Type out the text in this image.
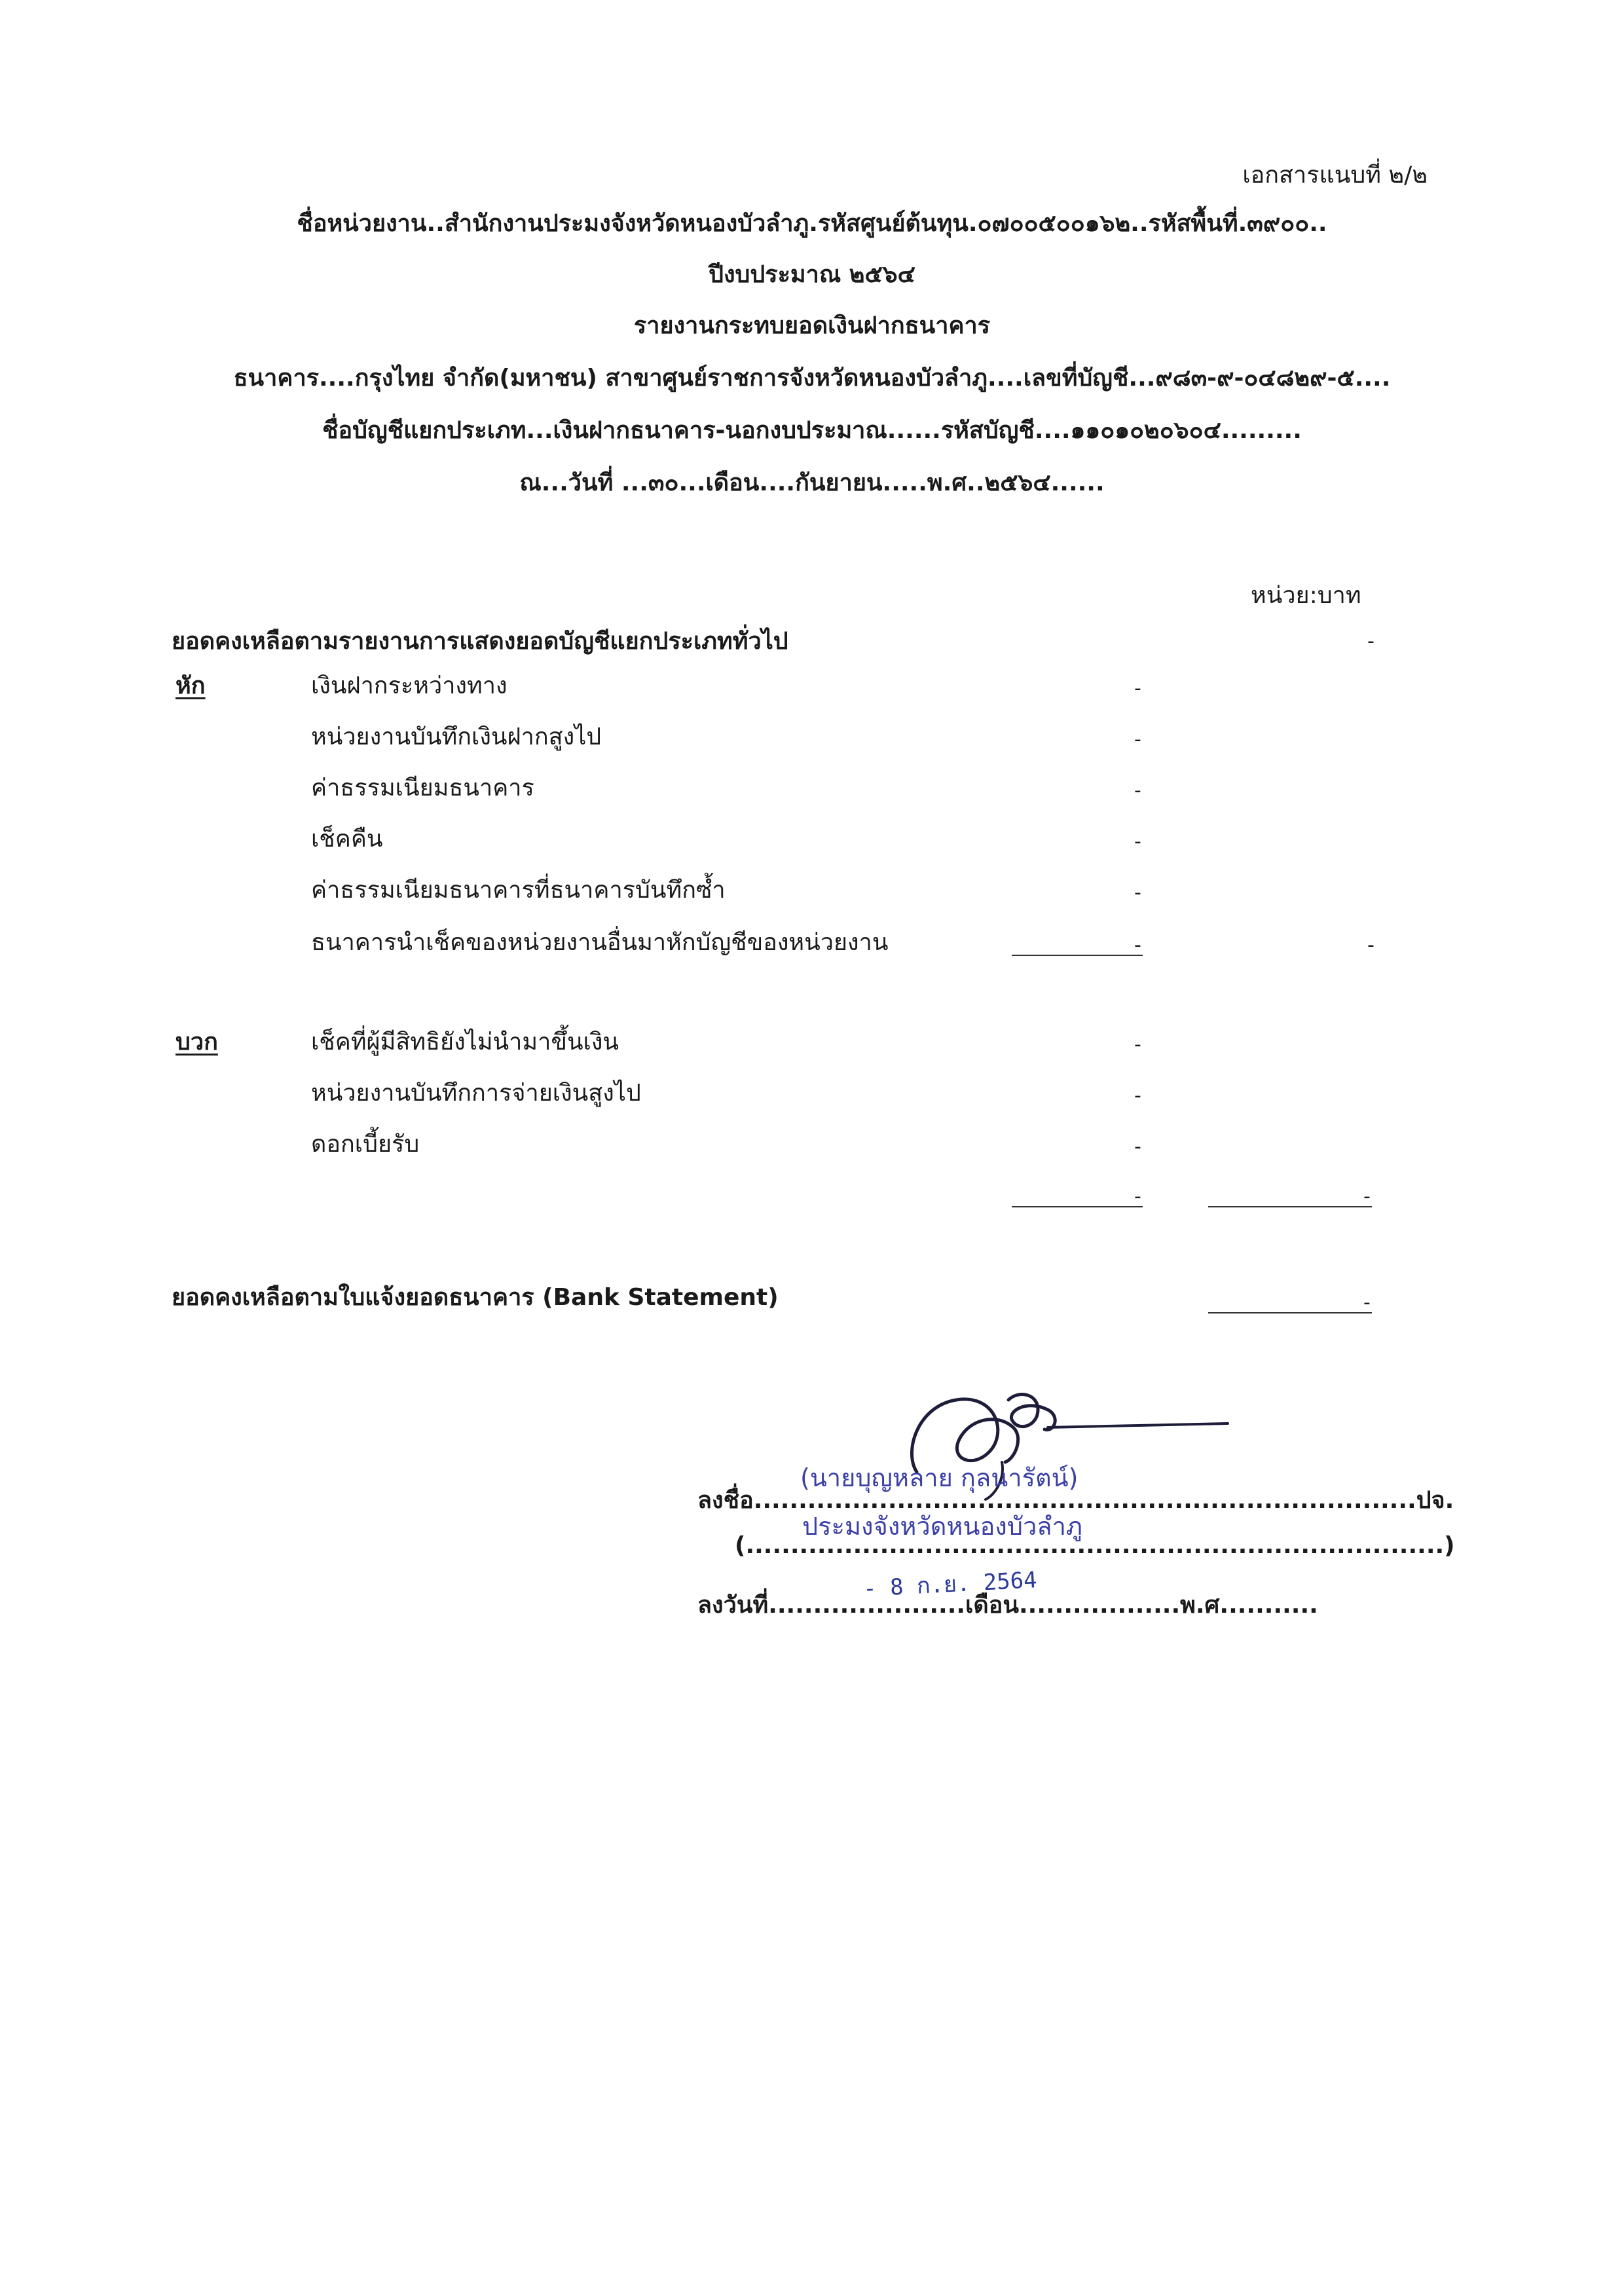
เอกสารแนบที่ ๒/๒
ชื่อหน่วยงาน..สำนักงานประมงจังหวัดหนองบัวลำภู.รหัสศูนย์ต้นทุน.๐๗๐๐๕๐๐๑๖๒..รหัสพื้นที่.๓๙๐๐..
ปีงบประมาณ ๒๕๖๔
รายงานกระทบยอดเงินฝากธนาคาร
ธนาคาร....กรุงไทย จำกัด(มหาชน) สาขาศูนย์ราชการจังหวัดหนองบัวลำภู....เลขที่บัญชี...๙๘๓-๙-๐๔๘๒๙-๕....
ชื่อบัญชีแยกประเภท...เงินฝากธนาคาร-นอกงบประมาณ......รหัสบัญชี....๑๑๐๑๐๒๐๖๐๔.........
ณ...วันที่ ...๓๐...เดือน....กันยายน.....พ.ศ..๒๕๖๔......
หน่วย:บาท
ยอดคงเหลือตามรายงานการแสดงยอดบัญชีแยกประเภททั่วไป	-
หัก	เงินฝากระหว่างทาง	-
หน่วยงานบันทึกเงินฝากสูงไป	-
ค่าธรรมเนียมธนาคาร	-
เช็คคืน	-
ค่าธรรมเนียมธนาคารที่ธนาคารบันทึกซ้ำ	-
ธนาคารนำเช็คของหน่วยงานอื่นมาหักบัญชีของหน่วยงาน	-	-
บวก	เช็คที่ผู้มีสิทธิยังไม่นำมาขึ้นเงิน	-
หน่วยงานบันทึกการจ่ายเงินสูงไป	-
ดอกเบี้ยรับ	-
-	-
ยอดคงเหลือตามใบแจ้งยอดธนาคาร (Bank Statement)	-
ลงชื่อ..........................................................................ปจ.
(นายบุญหลาย กุลนารัตน์)
(..............................................................................)
ประมงจังหวัดหนองบัวลำภู
ลงวันที่......................เดือน..................พ.ศ...........
- 8 ก.ย. 2564
